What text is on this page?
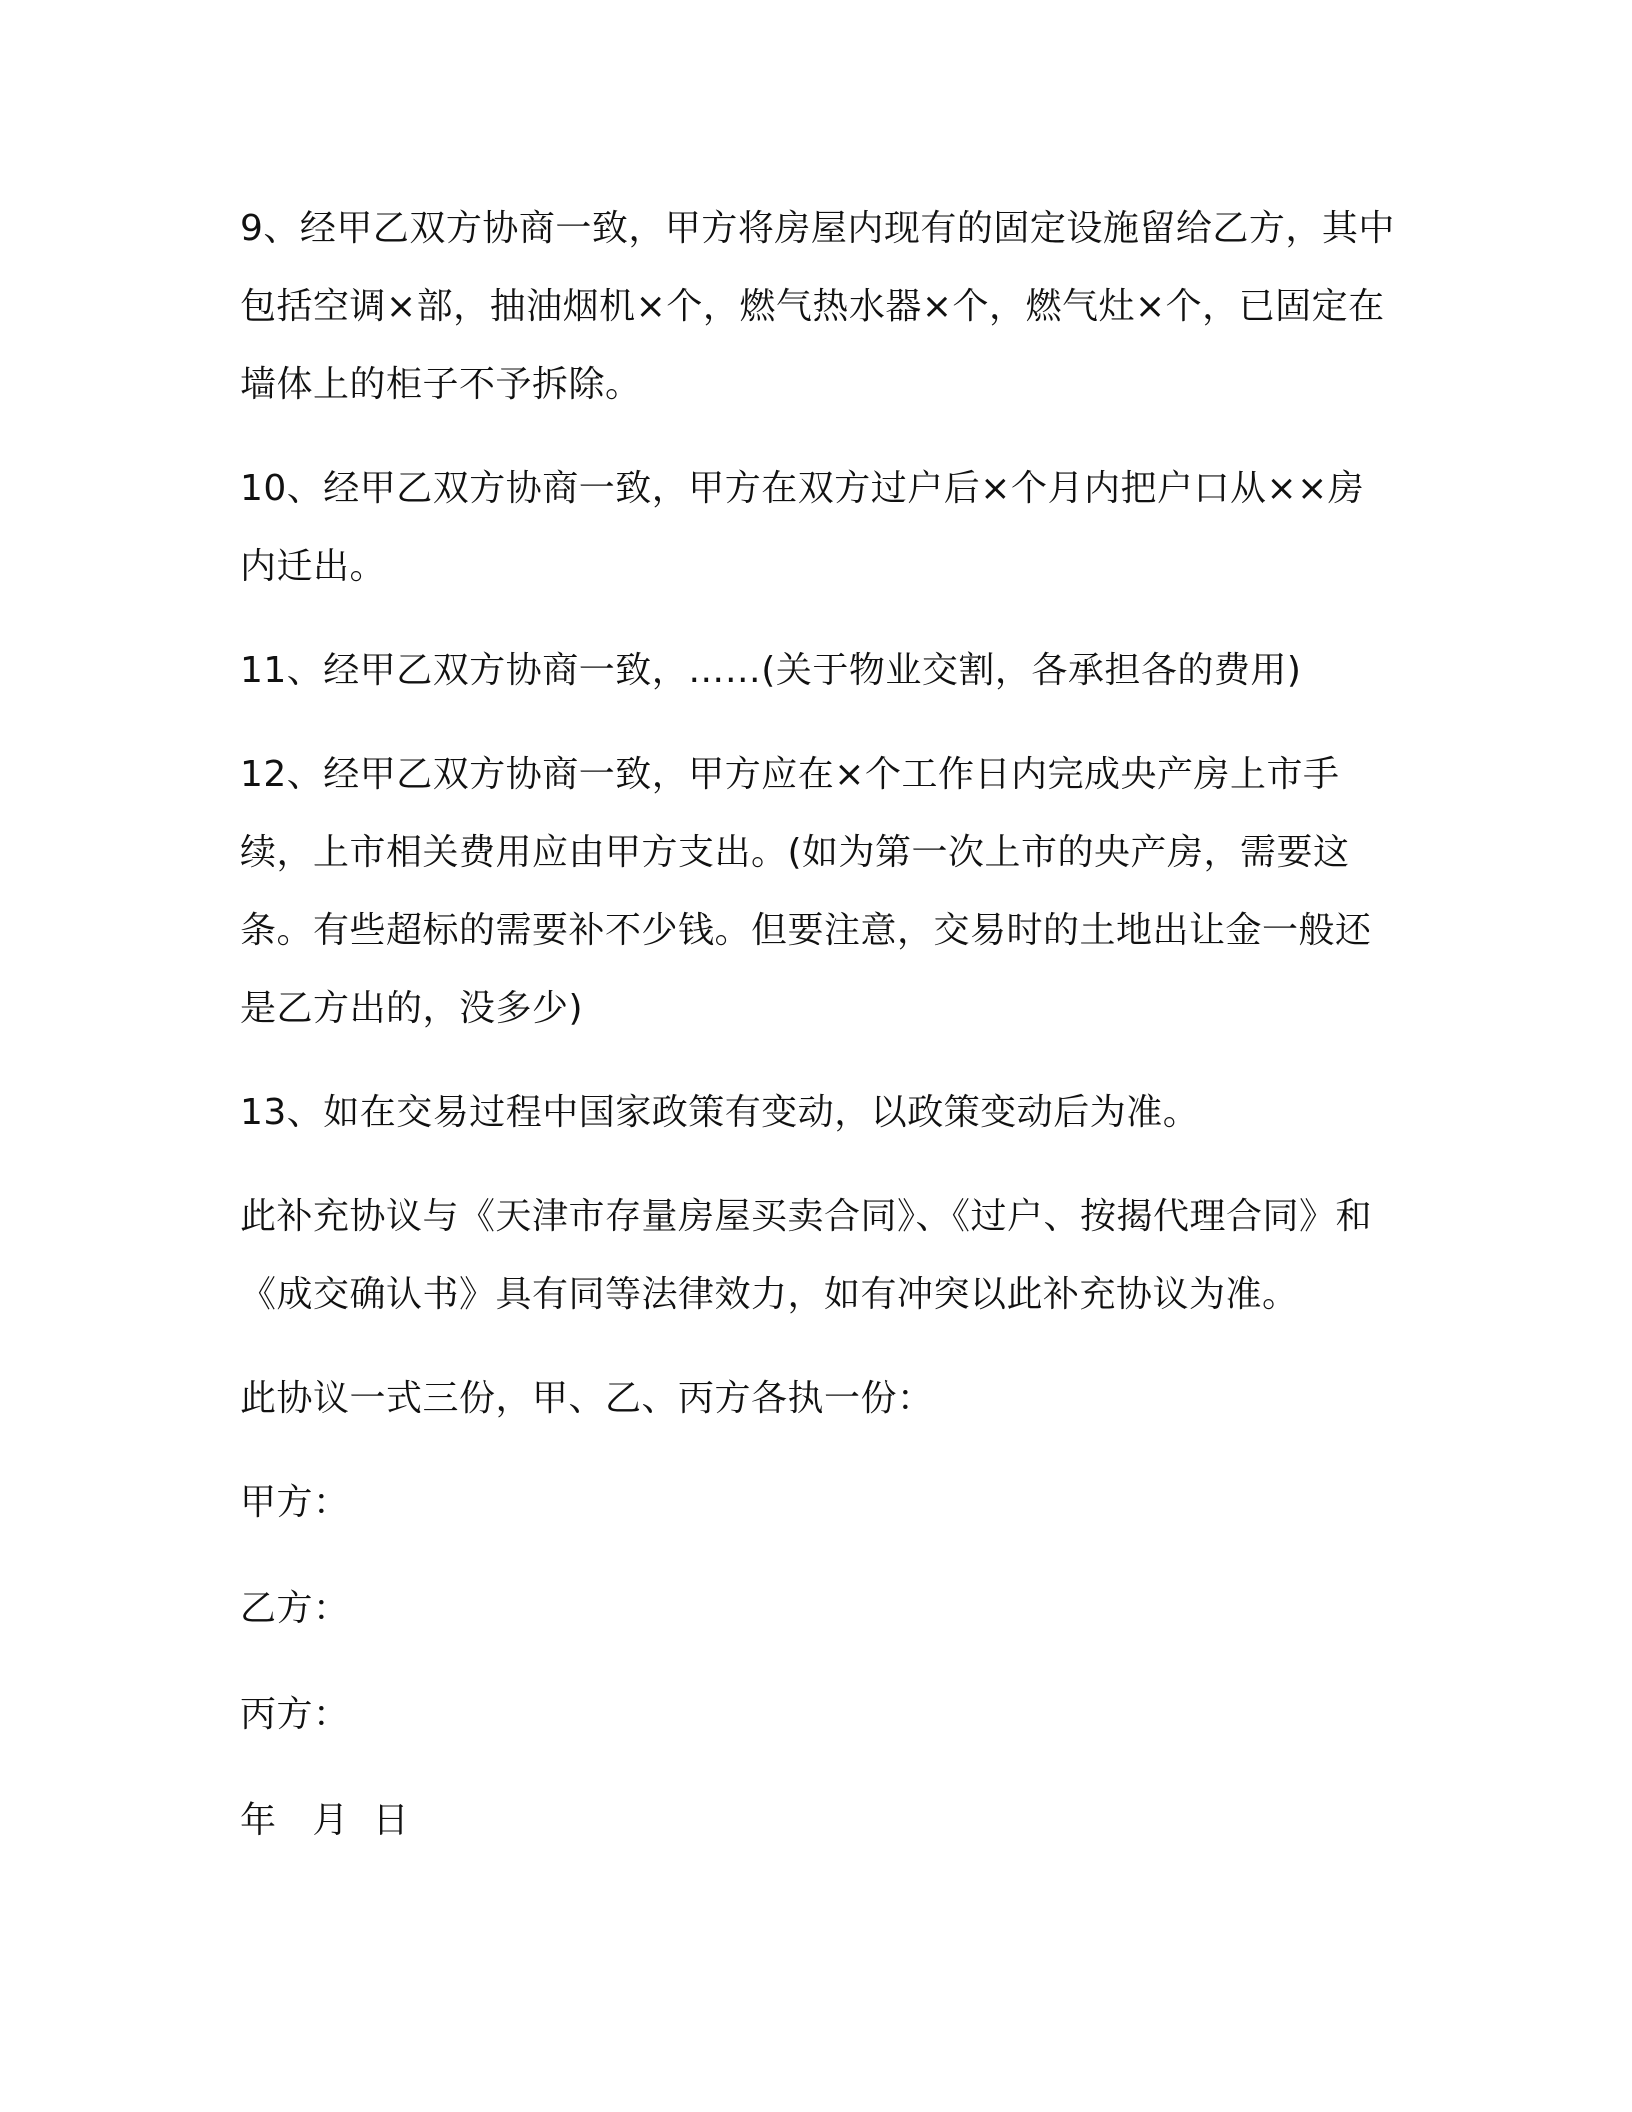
9、经甲乙双方协商一致，甲方将房屋内现有的固定设施留给乙方，其中包括空调×部，抽油烟机×个，燃气热水器×个，燃气灶×个，已固定在墙体上的柜子不予拆除。

10、经甲乙双方协商一致，甲方在双方过户后×个月内把户口从××房内迁出。

11、经甲乙双方协商一致，……(关于物业交割，各承担各的费用)

12、经甲乙双方协商一致，甲方应在×个工作日内完成央产房上市手续，上市相关费用应由甲方支出。(如为第一次上市的央产房，需要这条。有些超标的需要补不少钱。但要注意，交易时的土地出让金一般还是乙方出的，没多少)

13、如在交易过程中国家政策有变动，以政策变动后为准。

此补充协议与《天津市存量房屋买卖合同》、《过户、按揭代理合同》和《成交确认书》具有同等法律效力，如有冲突以此补充协议为准。

此协议一式三份，甲、乙、丙方各执一份：

甲方：

乙方：

丙方：

年   月  日
